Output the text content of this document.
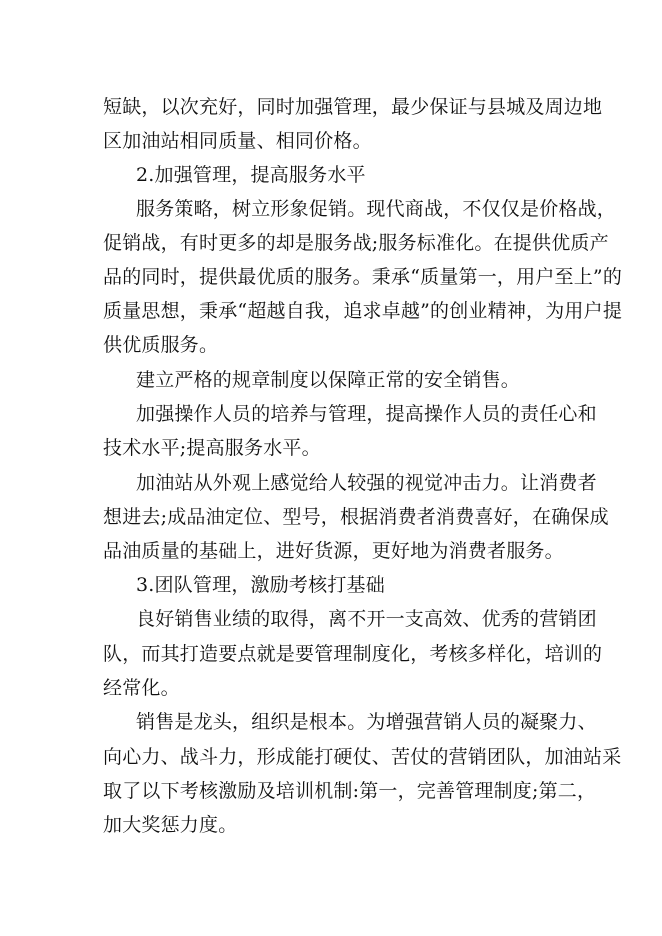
短缺，以次充好，同时加强管理，最少保证与县城及周边地
区加油站相同质量、相同价格。
2.加强管理，提高服务水平
服务策略，树立形象促销。现代商战，不仅仅是价格战，
促销战，有时更多的却是服务战;服务标准化。在提供优质产
品的同时，提供最优质的服务。秉承“质量第一，用户至上”的
质量思想，秉承“超越自我，追求卓越”的创业精神，为用户提
供优质服务。
建立严格的规章制度以保障正常的安全销售。
加强操作人员的培养与管理，提高操作人员的责任心和
技术水平;提高服务水平。
加油站从外观上感觉给人较强的视觉冲击力。让消费者
想进去;成品油定位、型号，根据消费者消费喜好，在确保成
品油质量的基础上，进好货源，更好地为消费者服务。
3.团队管理，激励考核打基础
良好销售业绩的取得，离不开一支高效、优秀的营销团
队，而其打造要点就是要管理制度化，考核多样化，培训的
经常化。
销售是龙头，组织是根本。为增强营销人员的凝聚力、
向心力、战斗力，形成能打硬仗、苦仗的营销团队，加油站采
取了以下考核激励及培训机制:第一，完善管理制度;第二，
加大奖惩力度。
